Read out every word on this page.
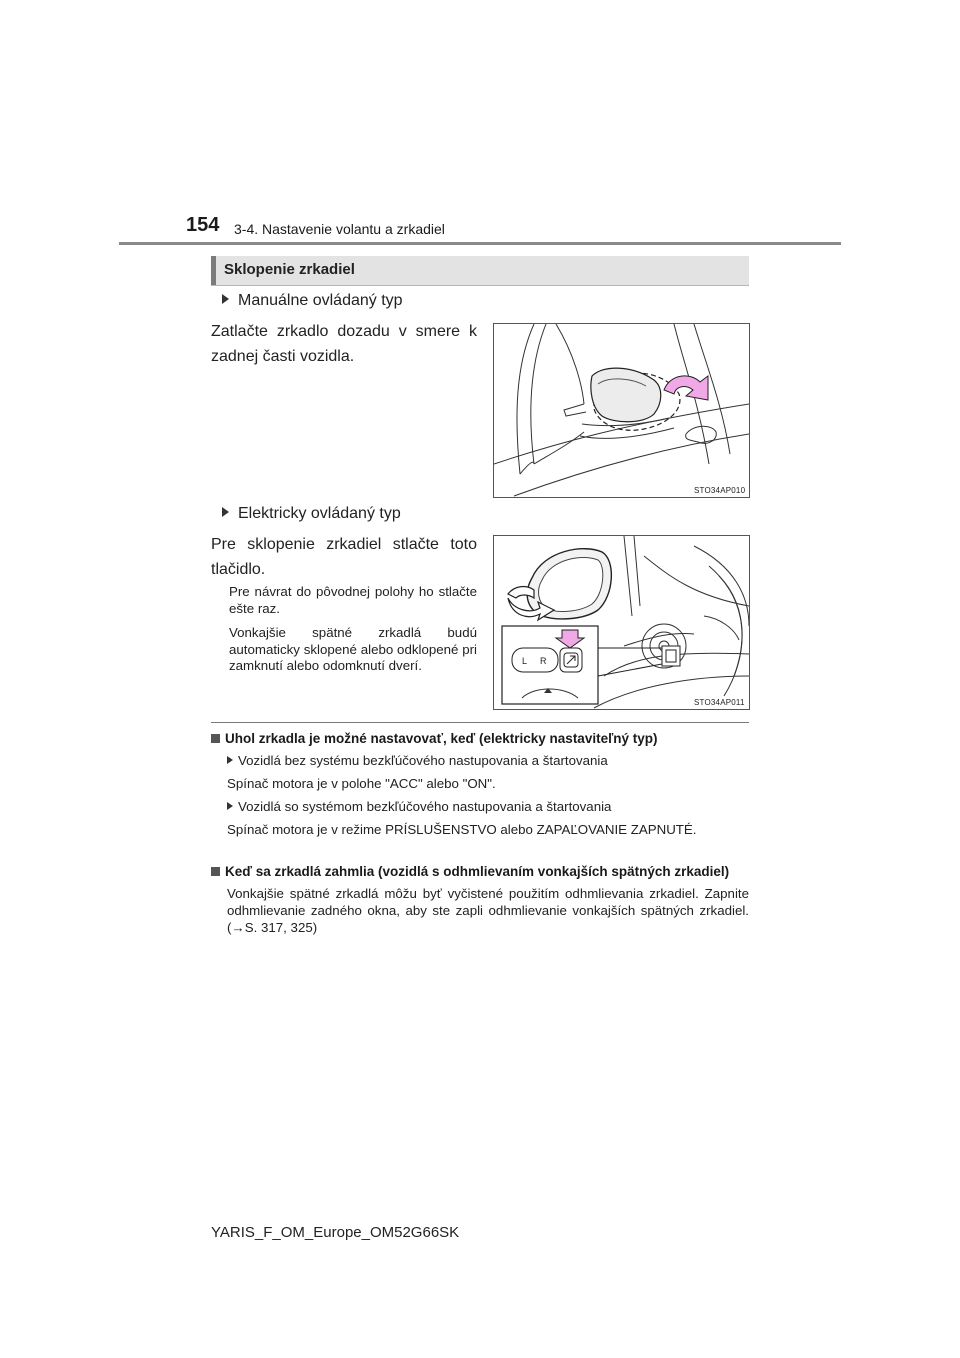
154 3-4. Nastavenie volantu a zrkadiel
Sklopenie zrkadiel
Manuálne ovládaný typ
Zatlačte zrkadlo dozadu v smere k zadnej časti vozidla.
STO34AP010
Elektricky ovládaný typ
Pre sklopenie zrkadiel stlačte toto tlačidlo.
Pre návrat do pôvodnej polohy ho stlačte ešte raz.
Vonkajšie spätné zrkadlá budú automaticky sklopené alebo odklopené pri zamknutí alebo odomknutí dverí.	L R
STO34AP011
Uhol zrkadla je možné nastavovať, keď (elektricky nastaviteľný typ)
Vozidlá bez systému bezkľúčového nastupovania a štartovania
Spínač motora je v polohe "ACC" alebo "ON".
Vozidlá so systémom bezkľúčového nastupovania a štartovania
Spínač motora je v režime PRÍSLUŠENSTVO alebo ZAPAĽOVANIE ZAPNUTÉ.
Keď sa zrkadlá zahmlia (vozidlá s odhmlievaním vonkajších spätných zrkadiel)
Vonkajšie spätné zrkadlá môžu byť vyčistené použitím odhmlievania zrkadiel. Zapnite odhmlievanie zadného okna, aby ste zapli odhmlievanie vonkajších spätných zrkadiel. (→S. 317, 325)
YARIS_F_OM_Europe_OM52G66SK
